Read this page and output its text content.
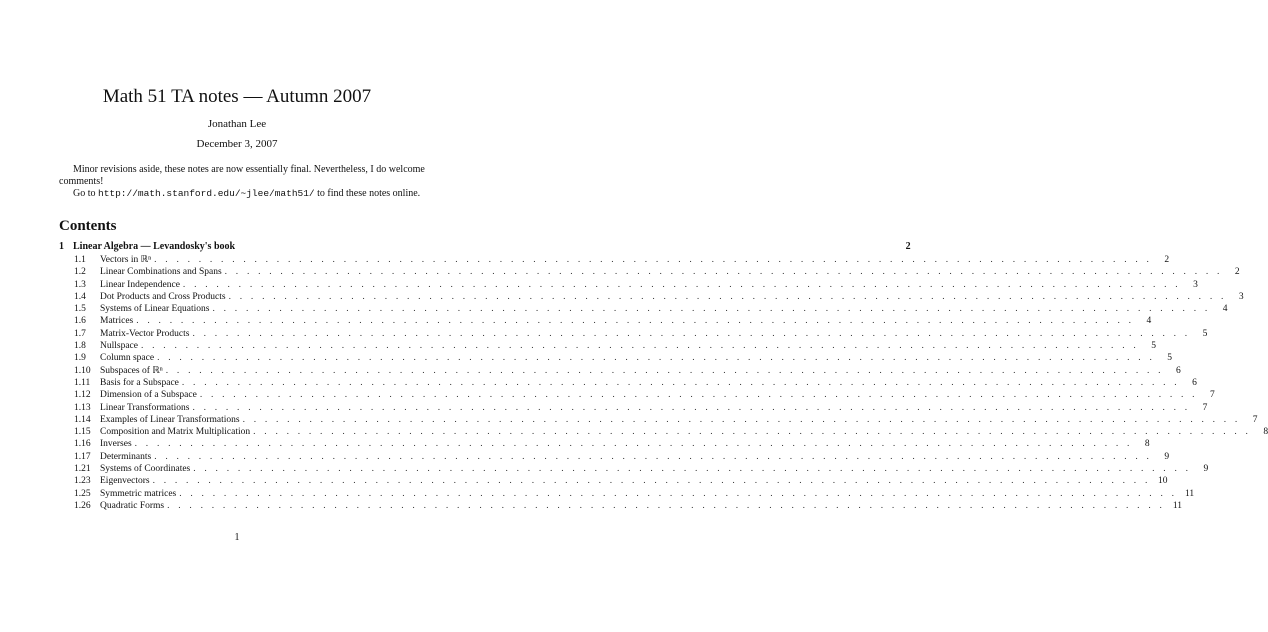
Math 51 TA notes — Autumn 2007
Jonathan Lee
December 3, 2007

Minor revisions aside, these notes are now essentially final. Nevertheless, I do welcome comments!

Go to http://math.stanford.edu/~jlee/math51/ to find these notes online.

Contents
1 Linear Algebra — Levandosky's book	2
1.1	Vectors in ℝⁿ . . . . . . . . . . . . . . . . . . . . . . . . . . . . . . . . . . . . . . . . . . . . . . . . . . . . . . . . . . . . . . . . . . . . . . . . . . . . . . . . . . . . . . . . . .	2
1.2	Linear Combinations and Spans . . . . . . . . . . . . . . . . . . . . . . . . . . . . . . . . . . . . . . . . . . . . . . . . . . . . . . . . . . . . . . . . . . . . . . . . . . . . . . . . . . . . . . . . . .	2
1.3	Linear Independence . . . . . . . . . . . . . . . . . . . . . . . . . . . . . . . . . . . . . . . . . . . . . . . . . . . . . . . . . . . . . . . . . . . . . . . . . . . . . . . . . . . . . . . . . .	3
1.4	Dot Products and Cross Products . . . . . . . . . . . . . . . . . . . . . . . . . . . . . . . . . . . . . . . . . . . . . . . . . . . . . . . . . . . . . . . . . . . . . . . . . . . . . . . . . . . . . . . . . .	3
1.5	Systems of Linear Equations . . . . . . . . . . . . . . . . . . . . . . . . . . . . . . . . . . . . . . . . . . . . . . . . . . . . . . . . . . . . . . . . . . . . . . . . . . . . . . . . . . . . . . . . . .	4
1.6	Matrices . . . . . . . . . . . . . . . . . . . . . . . . . . . . . . . . . . . . . . . . . . . . . . . . . . . . . . . . . . . . . . . . . . . . . . . . . . . . . . . . . . . . . . . . . .	4
1.7	Matrix-Vector Products . . . . . . . . . . . . . . . . . . . . . . . . . . . . . . . . . . . . . . . . . . . . . . . . . . . . . . . . . . . . . . . . . . . . . . . . . . . . . . . . . . . . . . . . . .	5
1.8	Nullspace . . . . . . . . . . . . . . . . . . . . . . . . . . . . . . . . . . . . . . . . . . . . . . . . . . . . . . . . . . . . . . . . . . . . . . . . . . . . . . . . . . . . . . . . . .	5
1.9	Column space . . . . . . . . . . . . . . . . . . . . . . . . . . . . . . . . . . . . . . . . . . . . . . . . . . . . . . . . . . . . . . . . . . . . . . . . . . . . . . . . . . . . . . . . . .	5
1.10 Subspaces of ℝⁿ . . . . . . . . . . . . . . . . . . . . . . . . . . . . . . . . . . . . . . . . . . . . . . . . . . . . . . . . . . . . . . . . . . . . . . . . . . . . . . . . . . . . . . . . . .	6
1.11	Basis for a Subspace . . . . . . . . . . . . . . . . . . . . . . . . . . . . . . . . . . . . . . . . . . . . . . . . . . . . . . . . . . . . . . . . . . . . . . . . . . . . . . . . . . . . . . . . . .	6
1.12 Dimension of a Subspace . . . . . . . . . . . . . . . . . . . . . . . . . . . . . . . . . . . . . . . . . . . . . . . . . . . . . . . . . . . . . . . . . . . . . . . . . . . . . . . . . . . . . . . . . .	7
1.13 Linear Transformations . . . . . . . . . . . . . . . . . . . . . . . . . . . . . . . . . . . . . . . . . . . . . . . . . . . . . . . . . . . . . . . . . . . . . . . . . . . . . . . . . . . . . . . . . .	7
1.14 Examples of Linear Transformations . . . . . . . . . . . . . . . . . . . . . . . . . . . . . . . . . . . . . . . . . . . . . . . . . . . . . . . . . . . . . . . . . . . . . . . . . . . . . . . . . . . . . . . . . .	7
1.15 Composition and Matrix Multiplication . . . . . . . . . . . . . . . . . . . . . . . . . . . . . . . . . . . . . . . . . . . . . . . . . . . . . . . . . . . . . . . . . . . . . . . . . . . . . . . . . . . . . . . . . .	8
1.16 Inverses . . . . . . . . . . . . . . . . . . . . . . . . . . . . . . . . . . . . . . . . . . . . . . . . . . . . . . . . . . . . . . . . . . . . . . . . . . . . . . . . . . . . . . . . . .	8
1.17 Determinants . . . . . . . . . . . . . . . . . . . . . . . . . . . . . . . . . . . . . . . . . . . . . . . . . . . . . . . . . . . . . . . . . . . . . . . . . . . . . . . . . . . . . . . . . .	9
1.21 Systems of Coordinates . . . . . . . . . . . . . . . . . . . . . . . . . . . . . . . . . . . . . . . . . . . . . . . . . . . . . . . . . . . . . . . . . . . . . . . . . . . . . . . . . . . . . . . . . .	9
1.23 Eigenvectors . . . . . . . . . . . . . . . . . . . . . . . . . . . . . . . . . . . . . . . . . . . . . . . . . . . . . . . . . . . . . . . . . . . . . . . . . . . . . . . . . . . . . . . . . . 10
1.25 Symmetric matrices . . . . . . . . . . . . . . . . . . . . . . . . . . . . . . . . . . . . . . . . . . . . . . . . . . . . . . . . . . . . . . . . . . . . . . . . . . . . . . . . . . . . . . . . . . 11
1.26 Quadratic Forms . . . . . . . . . . . . . . . . . . . . . . . . . . . . . . . . . . . . . . . . . . . . . . . . . . . . . . . . . . . . . . . . . . . . . . . . . . . . . . . . . . . . . . . . . . 11
1
